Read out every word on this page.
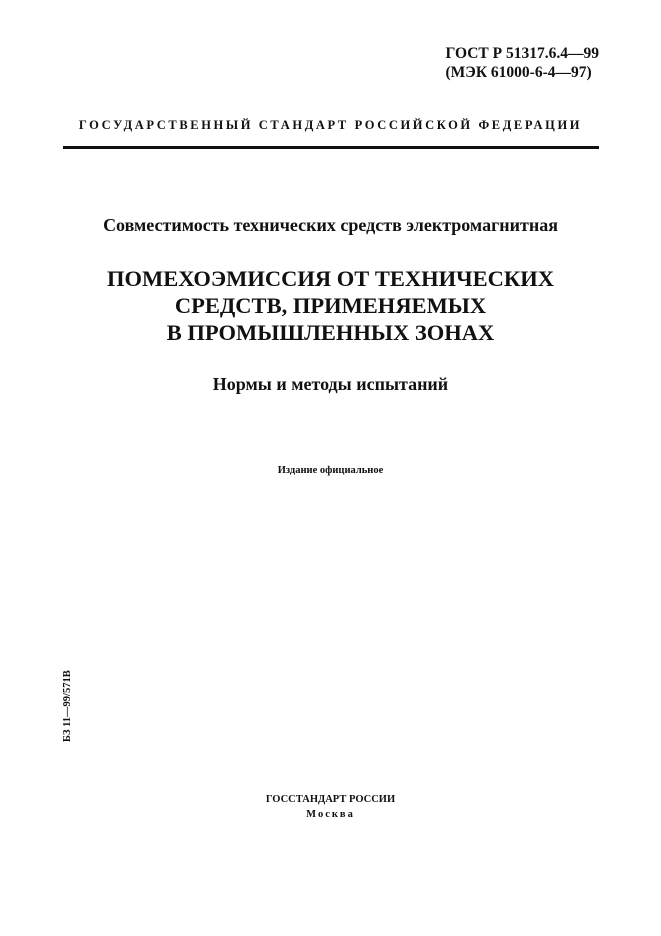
ГОСТ Р 51317.6.4—99
(МЭК 61000-6-4—97)
ГОСУДАРСТВЕННЫЙ СТАНДАРТ РОССИЙСКОЙ ФЕДЕРАЦИИ
Совместимость технических средств электромагнитная
ПОМЕХОЭМИССИЯ ОТ ТЕХНИЧЕСКИХ
СРЕДСТВ, ПРИМЕНЯЕМЫХ
В ПРОМЫШЛЕННЫХ ЗОНАХ
Нормы и методы испытаний
Издание официальное
БЗ 11—99/571В
ГОССТАНДАРТ РОССИИ
Москва
